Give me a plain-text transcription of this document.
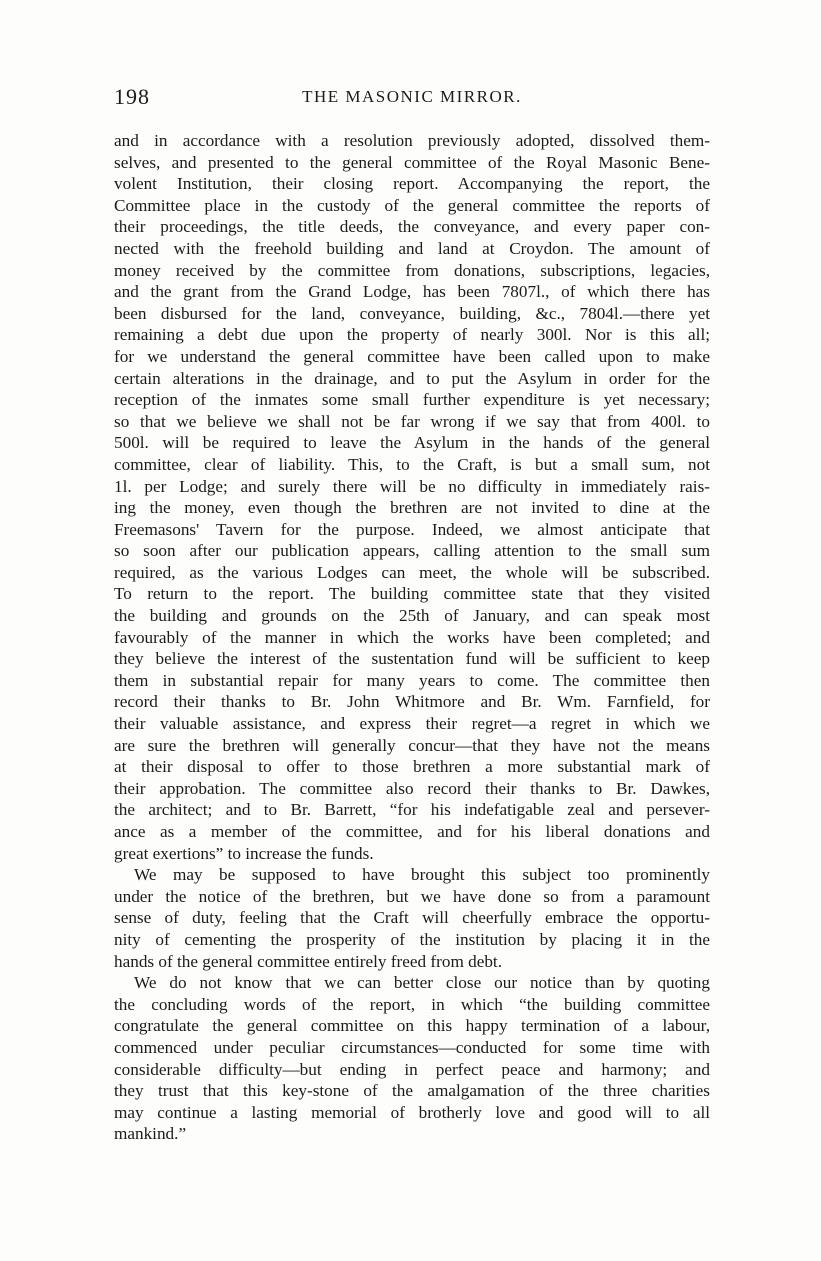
198	THE MASONIC MIRROR.
and in accordance with a resolution previously adopted, dissolved them-
selves, and presented to the general committee of the Royal Masonic Bene-
volent Institution, their closing report. Accompanying the report, the
Committee place in the custody of the general committee the reports of
their proceedings, the title deeds, the conveyance, and every paper con-
nected with the freehold building and land at Croydon. The amount of
money received by the committee from donations, subscriptions, legacies,
and the grant from the Grand Lodge, has been 7807l., of which there has
been disbursed for the land, conveyance, building, &c., 7804l.—there yet
remaining a debt due upon the property of nearly 300l. Nor is this all;
for we understand the general committee have been called upon to make
certain alterations in the drainage, and to put the Asylum in order for the
reception of the inmates some small further expenditure is yet necessary;
so that we believe we shall not be far wrong if we say that from 400l. to
500l. will be required to leave the Asylum in the hands of the general
committee, clear of liability. This, to the Craft, is but a small sum, not
1l. per Lodge; and surely there will be no difficulty in immediately rais-
ing the money, even though the brethren are not invited to dine at the
Freemasons' Tavern for the purpose. Indeed, we almost anticipate that
so soon after our publication appears, calling attention to the small sum
required, as the various Lodges can meet, the whole will be subscribed.
To return to the report. The building committee state that they visited
the building and grounds on the 25th of January, and can speak most
favourably of the manner in which the works have been completed; and
they believe the interest of the sustentation fund will be sufficient to keep
them in substantial repair for many years to come. The committee then
record their thanks to Br. John Whitmore and Br. Wm. Farnfield, for
their valuable assistance, and express their regret—a regret in which we
are sure the brethren will generally concur—that they have not the means
at their disposal to offer to those brethren a more substantial mark of
their approbation. The committee also record their thanks to Br. Dawkes,
the architect; and to Br. Barrett, “for his indefatigable zeal and persever-
ance as a member of the committee, and for his liberal donations and
great exertions” to increase the funds.
We may be supposed to have brought this subject too prominently
under the notice of the brethren, but we have done so from a paramount
sense of duty, feeling that the Craft will cheerfully embrace the opportu-
nity of cementing the prosperity of the institution by placing it in the
hands of the general committee entirely freed from debt.
We do not know that we can better close our notice than by quoting
the concluding words of the report, in which “the building committee
congratulate the general committee on this happy termination of a labour,
commenced under peculiar circumstances—conducted for some time with
considerable difficulty—but ending in perfect peace and harmony; and
they trust that this key-stone of the amalgamation of the three charities
may continue a lasting memorial of brotherly love and good will to all
mankind.”
